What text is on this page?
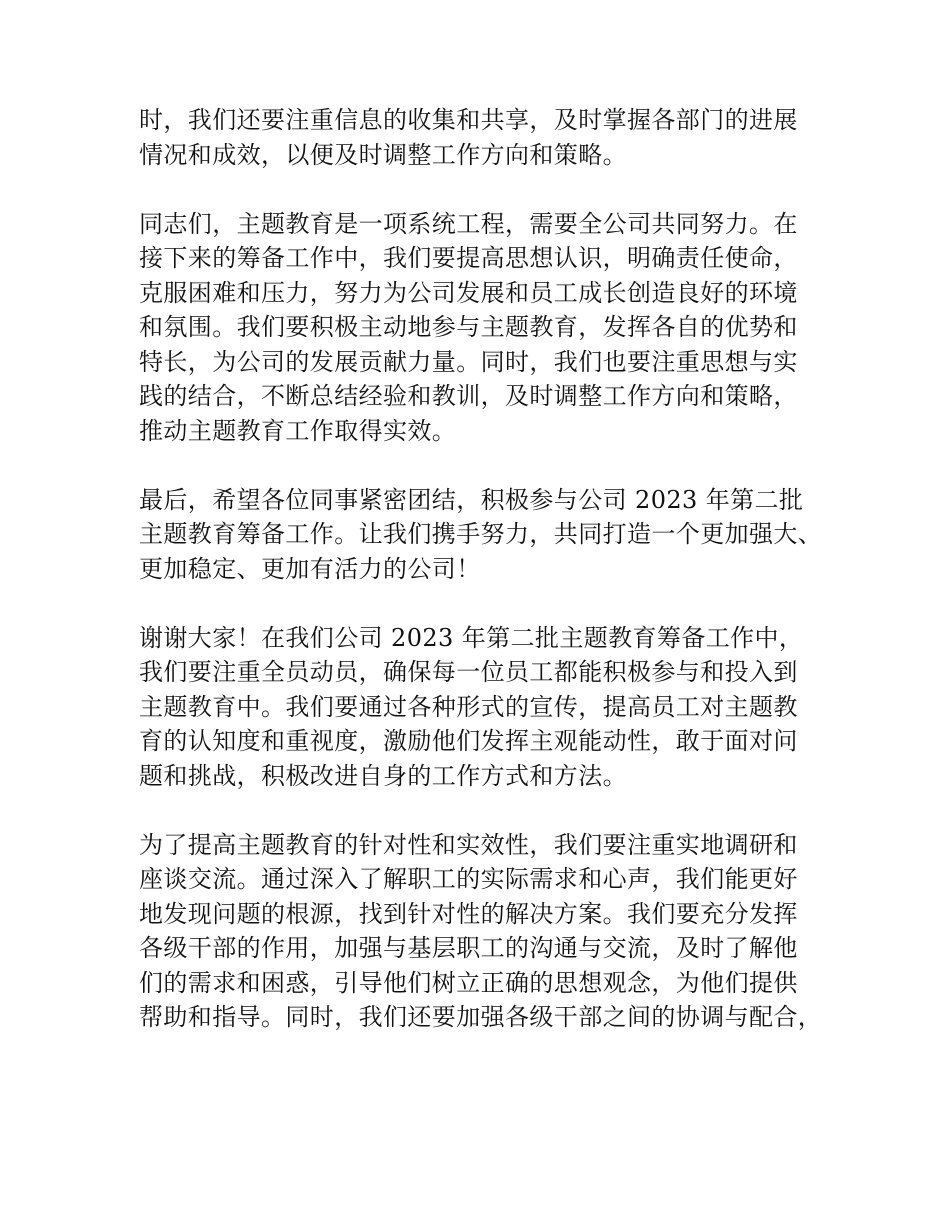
时，我们还要注重信息的收集和共享，及时掌握各部门的进展
情况和成效，以便及时调整工作方向和策略。

同志们，主题教育是一项系统工程，需要全公司共同努力。在
接下来的筹备工作中，我们要提高思想认识，明确责任使命，
克服困难和压力，努力为公司发展和员工成长创造良好的环境
和氛围。我们要积极主动地参与主题教育，发挥各自的优势和
特长，为公司的发展贡献力量。同时，我们也要注重思想与实
践的结合，不断总结经验和教训，及时调整工作方向和策略，
推动主题教育工作取得实效。

最后，希望各位同事紧密团结，积极参与公司 2023 年第二批
主题教育筹备工作。让我们携手努力，共同打造一个更加强大、
更加稳定、更加有活力的公司！

谢谢大家！在我们公司 2023 年第二批主题教育筹备工作中，
我们要注重全员动员，确保每一位员工都能积极参与和投入到
主题教育中。我们要通过各种形式的宣传，提高员工对主题教
育的认知度和重视度，激励他们发挥主观能动性，敢于面对问
题和挑战，积极改进自身的工作方式和方法。

为了提高主题教育的针对性和实效性，我们要注重实地调研和
座谈交流。通过深入了解职工的实际需求和心声，我们能更好
地发现问题的根源，找到针对性的解决方案。我们要充分发挥
各级干部的作用，加强与基层职工的沟通与交流，及时了解他
们的需求和困惑，引导他们树立正确的思想观念，为他们提供
帮助和指导。同时，我们还要加强各级干部之间的协调与配合，
